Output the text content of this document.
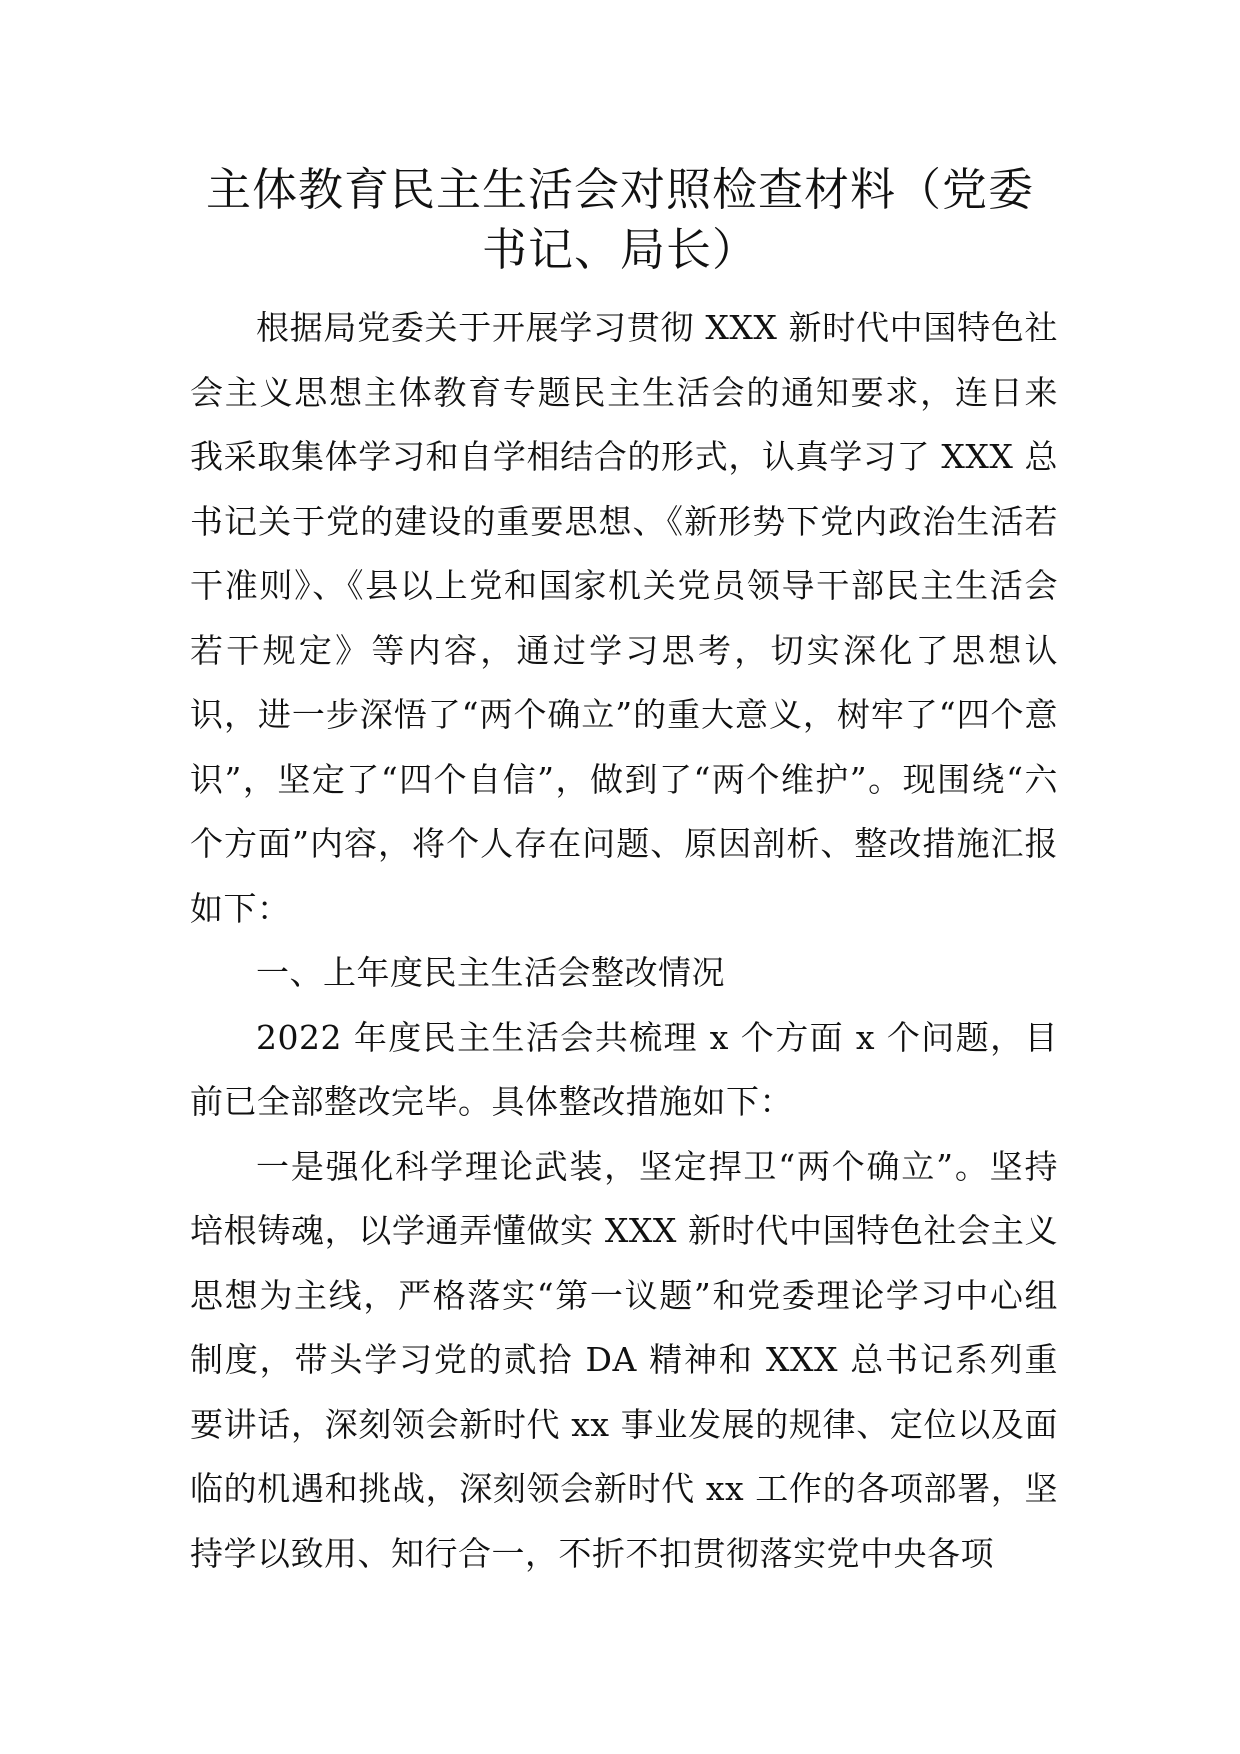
主体教育民主生活会对照检查材料（党委
书记、局长）

根据局党委关于开展学习贯彻 XXX 新时代中国特色社会主义思想主体教育专题民主生活会的通知要求，连日来我采取集体学习和自学相结合的形式，认真学习了 XXX 总书记关于党的建设的重要思想、《新形势下党内政治生活若干准则》、《县以上党和国家机关党员领导干部民主生活会若干规定》等内容，通过学习思考，切实深化了思想认识，进一步深悟了“两个确立”的重大意义，树牢了“四个意识”，坚定了“四个自信”，做到了“两个维护”。现围绕“六个方面”内容，将个人存在问题、原因剖析、整改措施汇报如下：

一、上年度民主生活会整改情况

2022 年度民主生活会共梳理 x 个方面 x 个问题，目前已全部整改完毕。具体整改措施如下：

一是强化科学理论武装，坚定捍卫“两个确立”。坚持培根铸魂，以学通弄懂做实 XXX 新时代中国特色社会主义思想为主线，严格落实“第一议题”和党委理论学习中心组制度，带头学习党的贰拾 DA 精神和 XXX 总书记系列重要讲话，深刻领会新时代 xx 事业发展的规律、定位以及面临的机遇和挑战，深刻领会新时代 xx 工作的各项部署，坚持学以致用、知行合一，不折不扣贯彻落实党中央各项
